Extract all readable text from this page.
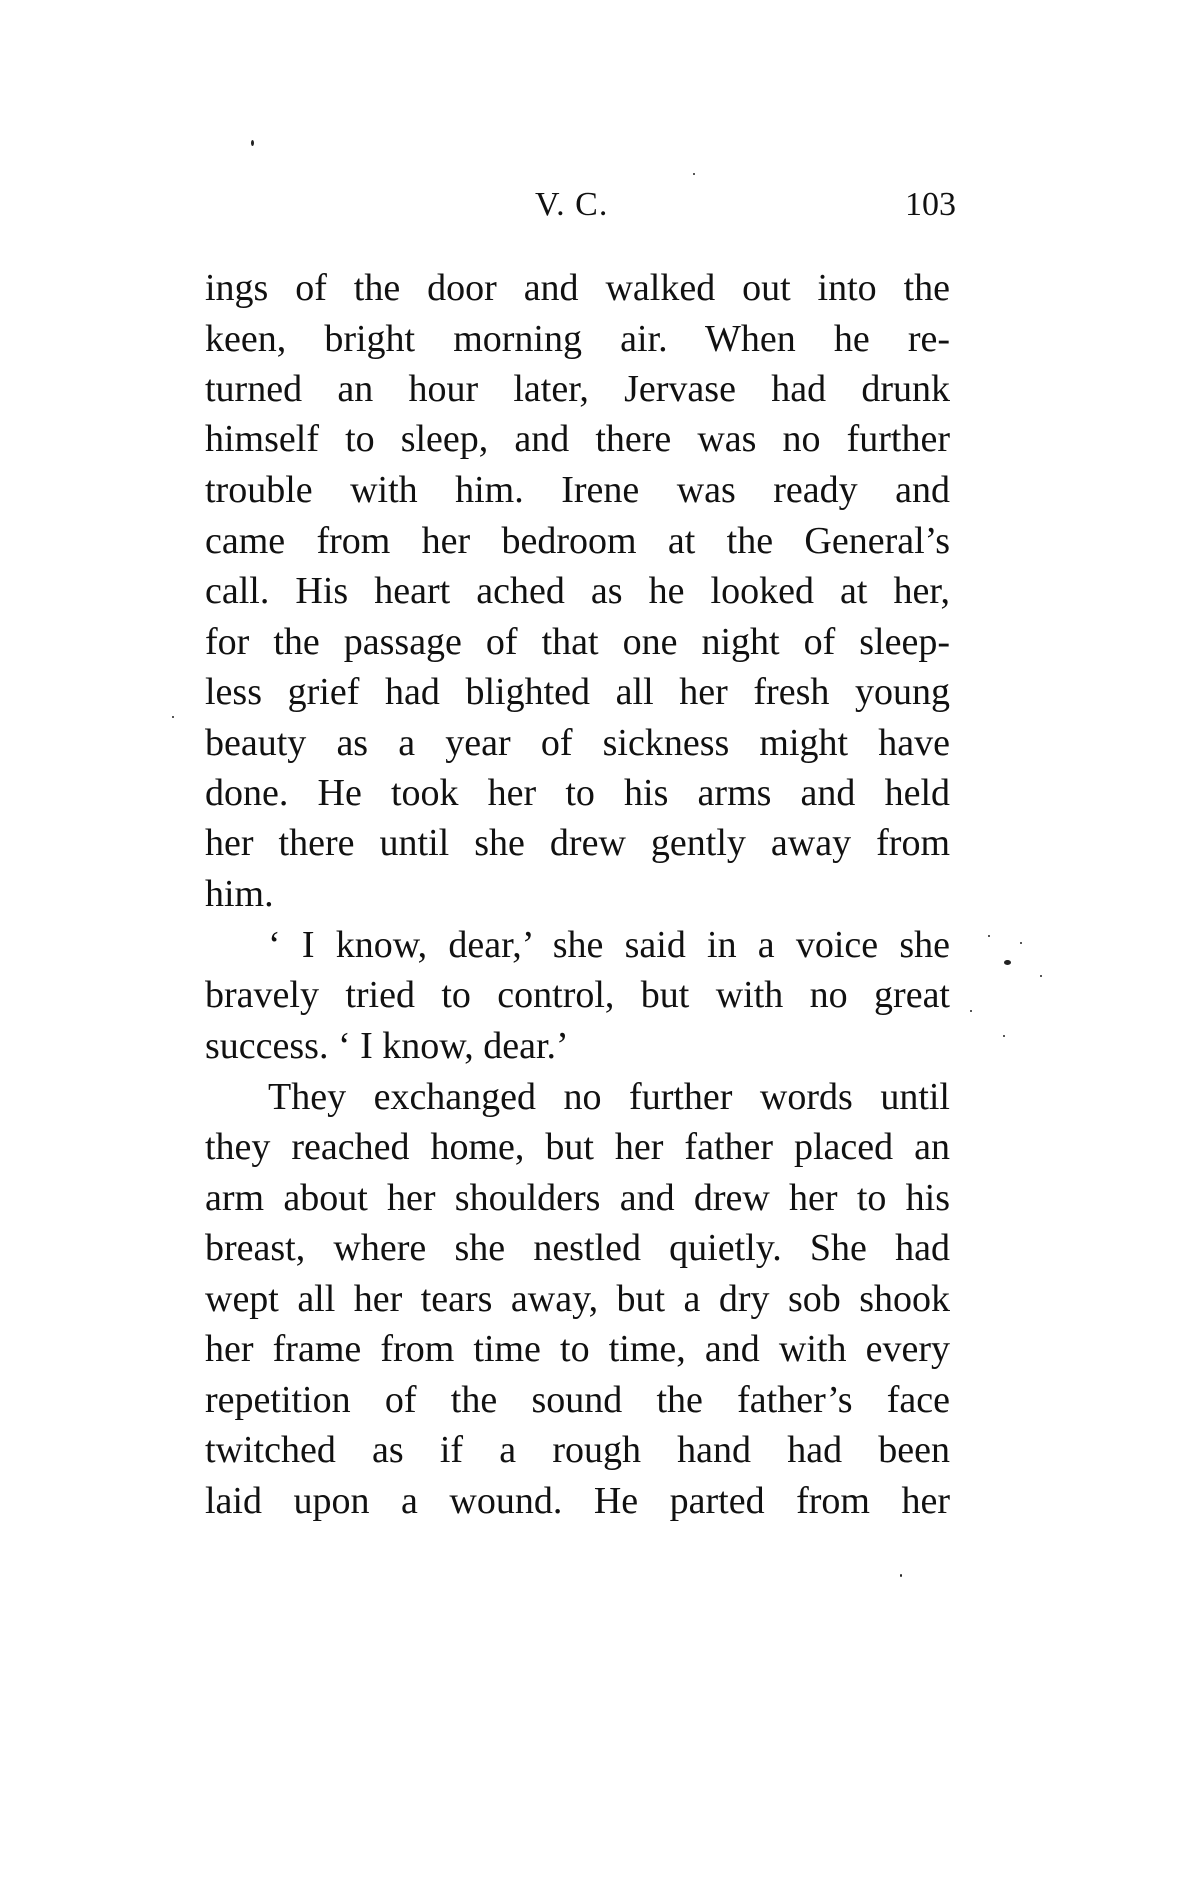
V. C.	103
ings of the door and walked out into the
keen, bright morning air. When he re-
turned an hour later, Jervase had drunk
himself to sleep, and there was no further
trouble with him. Irene was ready and
came from her bedroom at the General’s
call. His heart ached as he looked at her,
for the passage of that one night of sleep-
less grief had blighted all her fresh young
beauty as a year of sickness might have
done. He took her to his arms and held
her there until she drew gently away from
him.
‘ I know, dear,’ she said in a voice she
bravely tried to control, but with no great
success. ‘ I know, dear.’
They exchanged no further words until
they reached home, but her father placed an
arm about her shoulders and drew her to his
breast, where she nestled quietly. She had
wept all her tears away, but a dry sob shook
her frame from time to time, and with every
repetition of the sound the father’s face
twitched as if a rough hand had been
laid upon a wound. He parted from her
